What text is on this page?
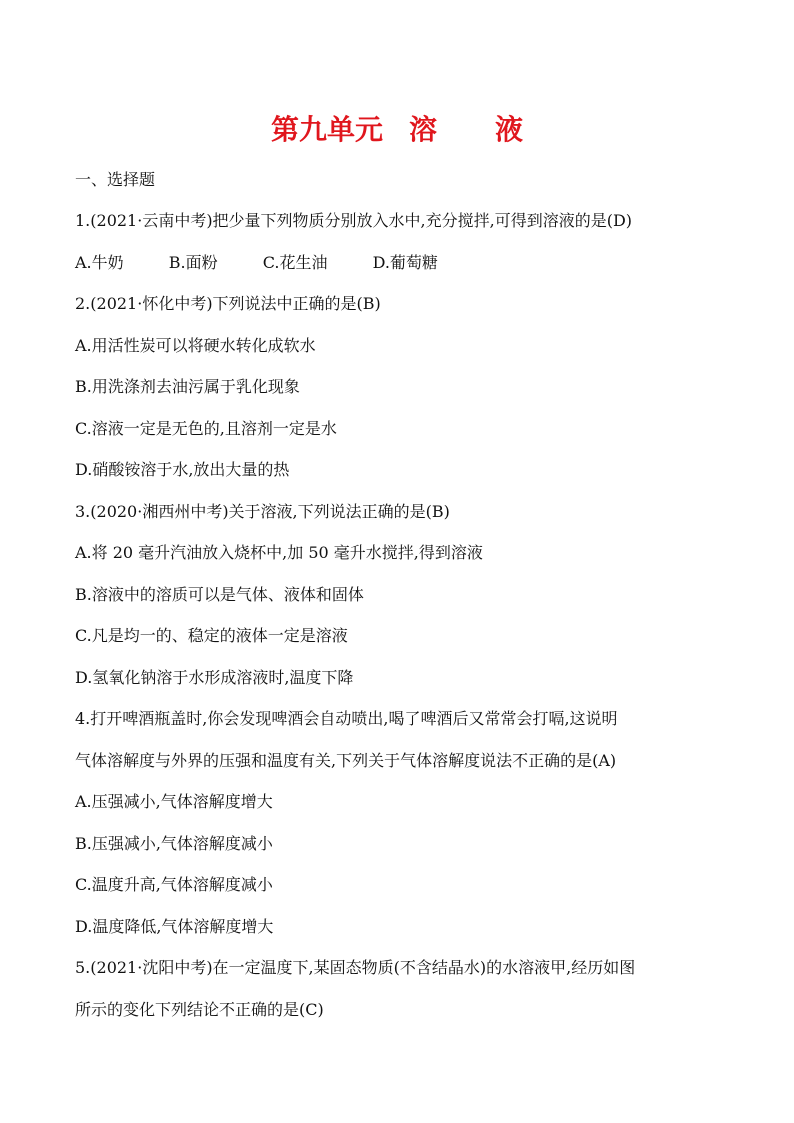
第九单元 溶 液
一、选择题
1.(2021·云南中考)把少量下列物质分别放入水中,充分搅拌,可得到溶液的是(D)
A.牛奶	B.面粉	C.花生油	D.葡萄糖
2.(2021·怀化中考)下列说法中正确的是(B)
A.用活性炭可以将硬水转化成软水
B.用洗涤剂去油污属于乳化现象
C.溶液一定是无色的,且溶剂一定是水
D.硝酸铵溶于水,放出大量的热
3.(2020·湘西州中考)关于溶液,下列说法正确的是(B)
A.将 20 毫升汽油放入烧杯中,加 50 毫升水搅拌,得到溶液
B.溶液中的溶质可以是气体、液体和固体
C.凡是均一的、稳定的液体一定是溶液
D.氢氧化钠溶于水形成溶液时,温度下降
4.打开啤酒瓶盖时,你会发现啤酒会自动喷出,喝了啤酒后又常常会打嗝,这说明
气体溶解度与外界的压强和温度有关,下列关于气体溶解度说法不正确的是(A)
A.压强减小,气体溶解度增大
B.压强减小,气体溶解度减小
C.温度升高,气体溶解度减小
D.温度降低,气体溶解度增大
5.(2021·沈阳中考)在一定温度下,某固态物质(不含结晶水)的水溶液甲,经历如图
所示的变化下列结论不正确的是(C)
